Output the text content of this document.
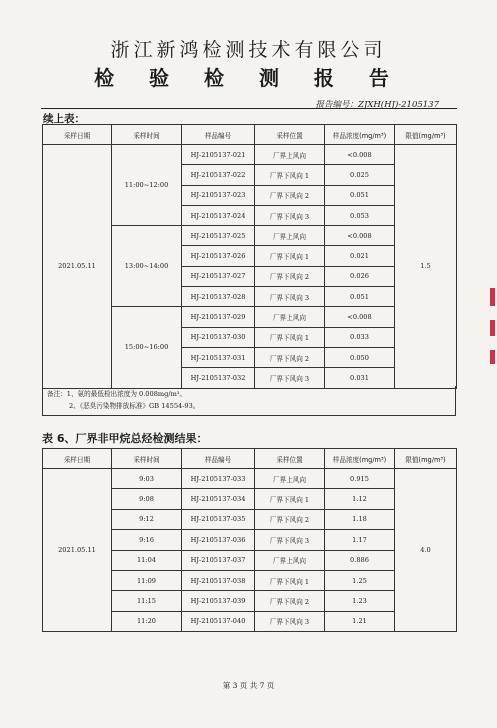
浙江新鸿检测技术有限公司
检 验 检 测 报 告
报告编号：ZJXH(HJ)-2105137
续上表：
采样日期	采样时间	样品编号	采样位置	样品浓度(mg/m³)	限值(mg/m³)
2021.05.11	11:00~12:00	HJ-2105137-021	厂界上风向	<0.008	1.5
		HJ-2105137-022	厂界下风向 1	0.025	
		HJ-2105137-023	厂界下风向 2	0.051	
		HJ-2105137-024	厂界下风向 3	0.053	
	13:00~14:00	HJ-2105137-025	厂界上风向	<0.008	
		HJ-2105137-026	厂界下风向 1	0.021	
		HJ-2105137-027	厂界下风向 2	0.026	
		HJ-2105137-028	厂界下风向 3	0.051	
	15:00~16:00	HJ-2105137-029	厂界上风向	<0.008	
		HJ-2105137-030	厂界下风向 1	0.033	
		HJ-2105137-031	厂界下风向 2	0.050	
		HJ-2105137-032	厂界下风向 3	0.031	
备注：1、氨的最低检出浓度为 0.008mg/m³。
2、《恶臭污染物排放标准》GB 14554-93。
表 6、厂界非甲烷总烃检测结果：
采样日期	采样时间	样品编号	采样位置	样品浓度(mg/m³)	限值(mg/m³)
2021.05.11	9:03	HJ-2105137-033	厂界上风向	0.915	4.0
	9:08	HJ-2105137-034	厂界下风向 1	1.12	
	9:12	HJ-2105137-035	厂界下风向 2	1.18	
	9:16	HJ-2105137-036	厂界下风向 3	1.17	
	11:04	HJ-2105137-037	厂界上风向	0.886	
	11:09	HJ-2105137-038	厂界下风向 1	1.25	
	11:15	HJ-2105137-039	厂界下风向 2	1.23	
	11:20	HJ-2105137-040	厂界下风向 3	1.21	
第 3 页 共 7 页
